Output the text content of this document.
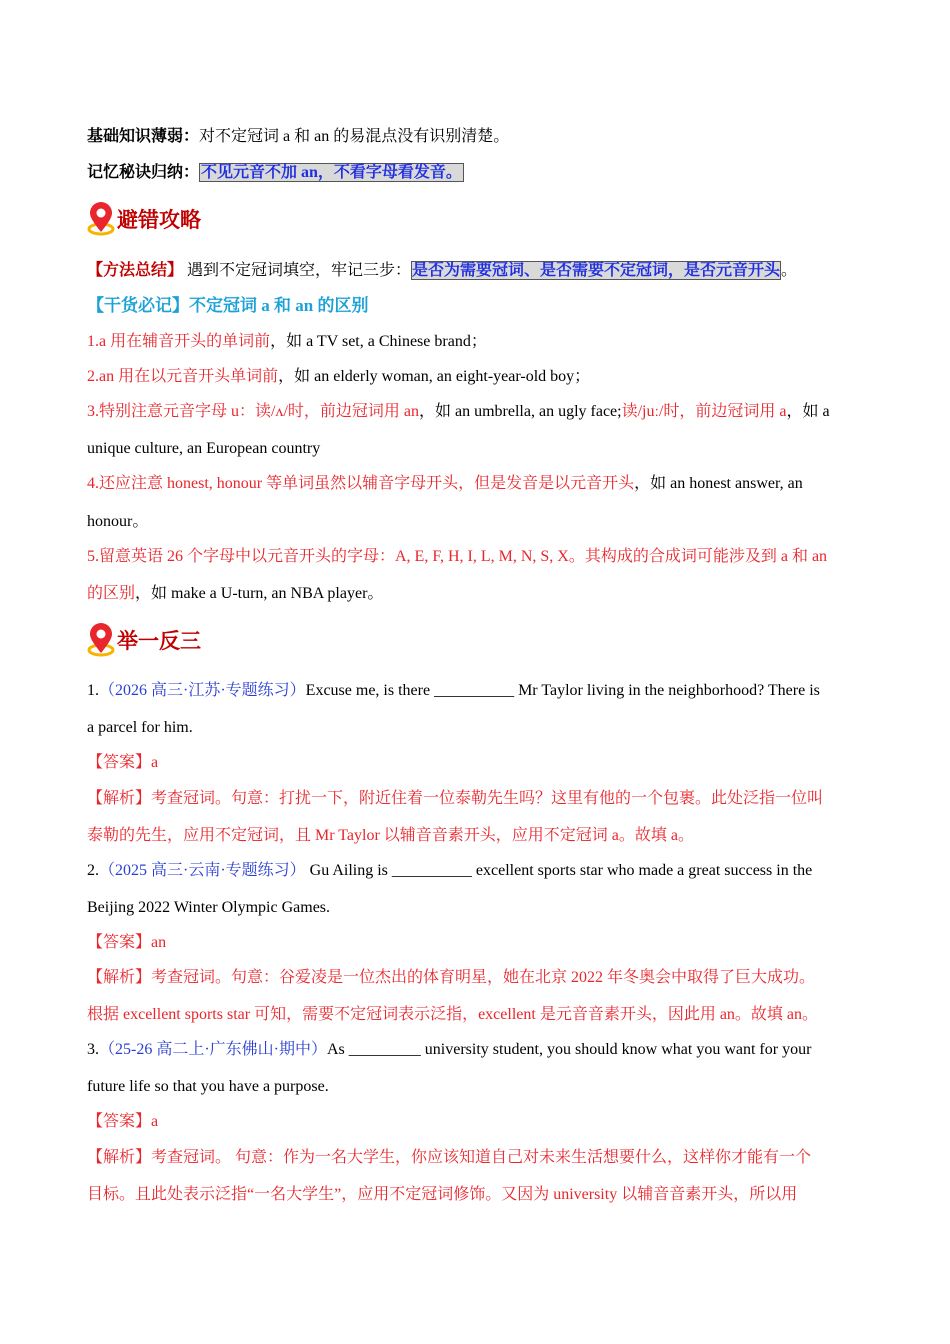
基础知识薄弱：对不定冠词 a 和 an 的易混点没有识别清楚。
记忆秘诀归纳： 不见元音不加 an，不看字母看发音。
避错攻略
【方法总结】 遇到不定冠词填空，牢记三步：是否为需要冠词、是否需要不定冠词，是否元音开头。
【干货必记】不定冠词 a 和 an 的区别
1.a 用在辅音开头的单词前，如 a TV set, a Chinese brand；
2.an 用在以元音开头单词前，如 an elderly woman, an eight-year-old boy；
3.特别注意元音字母 u：读/ʌ/时，前边冠词用 an，如 an umbrella, an ugly face;读/juː/时，前边冠词用 a，如 a
unique culture, an European country
4.还应注意 honest, honour 等单词虽然以辅音字母开头，但是发音是以元音开头，如 an honest answer, an
honour。
5.留意英语 26 个字母中以元音开头的字母：A, E, F, H, I, L, M, N, S, X。其构成的合成词可能涉及到 a 和 an
的区别，如 make a U-turn, an NBA player。
举一反三
1.（2026 高三·江苏·专题练习）Excuse me, is there __________ Mr Taylor living in the neighborhood? There is
a parcel for him.
【答案】a
【解析】考查冠词。句意：打扰一下，附近住着一位泰勒先生吗？这里有他的一个包裹。此处泛指一位叫
泰勒的先生，应用不定冠词，且 Mr Taylor 以辅音音素开头，应用不定冠词 a。故填 a。
2.（2025 高三·云南·专题练习） Gu Ailing is __________ excellent sports star who made a great success in the
Beijing 2022 Winter Olympic Games.
【答案】an
【解析】考查冠词。句意：谷爱凌是一位杰出的体育明星，她在北京 2022 年冬奥会中取得了巨大成功。
根据 excellent sports star 可知，需要不定冠词表示泛指，excellent 是元音音素开头，因此用 an。故填 an。
3.（25-26 高二上·广东佛山·期中）As _________ university student, you should know what you want for your
future life so that you have a purpose.
【答案】a
【解析】考查冠词。 句意：作为一名大学生，你应该知道自己对未来生活想要什么，这样你才能有一个
目标。且此处表示泛指“一名大学生”，应用不定冠词修饰。又因为 university 以辅音音素开头，所以用
